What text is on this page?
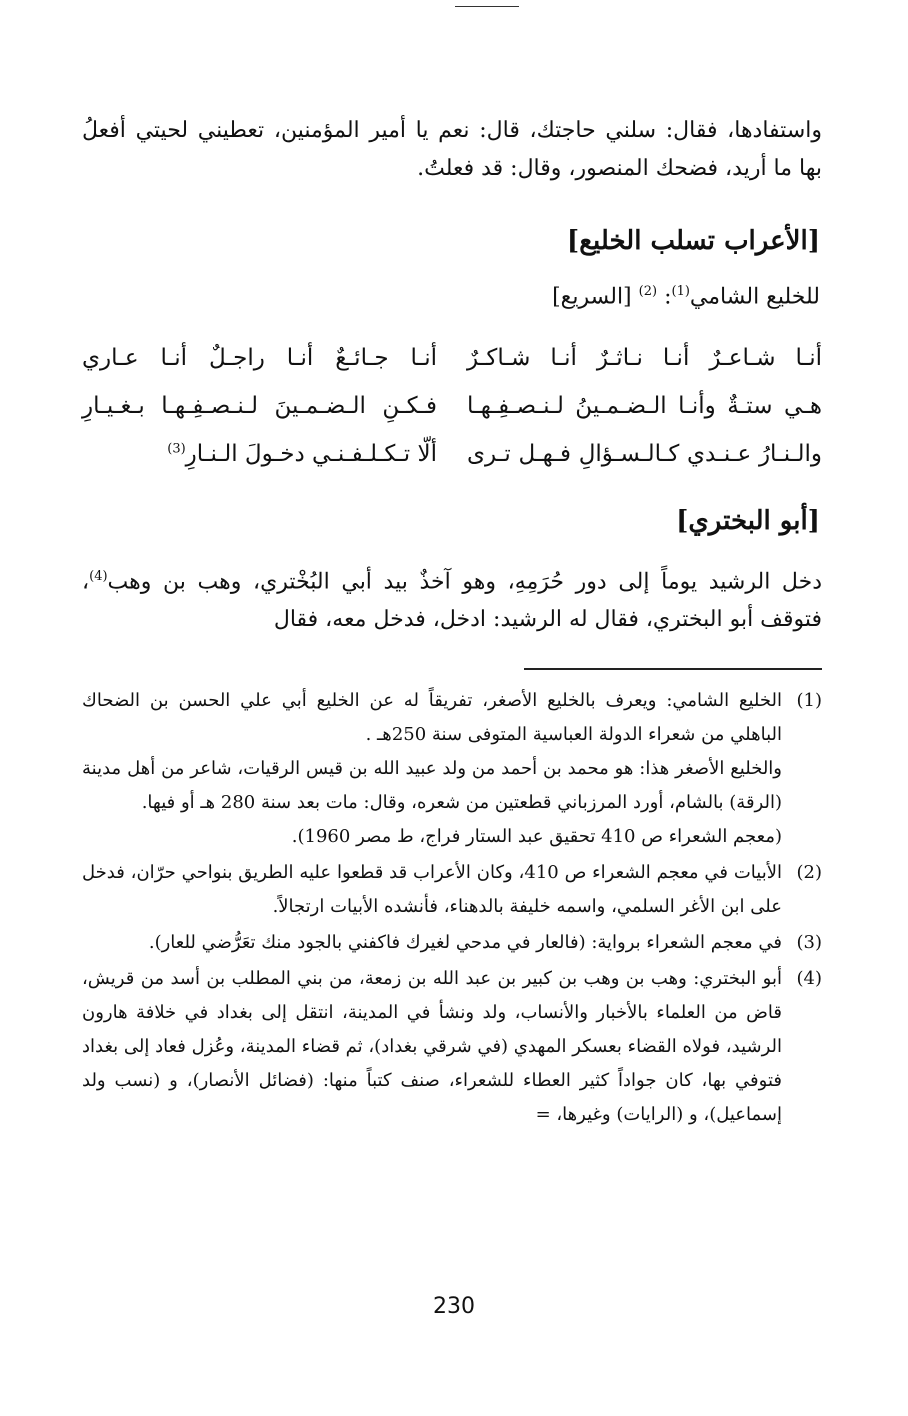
واستفادها، فقال: سلني حاجتك، قال: نعم يا أمير المؤمنين، تعطيني لحيتي أفعلُ بها ما أريد، فضحك المنصور، وقال: قد فعلتُ.

[الأعراب تسلب الخليع]
للخليع الشامي$^{(1)}$: $^{(2)}$ [السريع]
أنـا شـاعـرٌ أنـا نـاثـرٌ أنـا شـاكـرٌ
أنـا جـائـعٌ أنـا راجـلٌ أنـا عـاري
هـي ستـةٌ وأنـا الـضـمـينُ لـنـصـفِـهـا
فـكـنِ الـضـمـينَ لـنـصـفِـهـا بـغـيـارِ
والـنـارُ عـنـدي كـالـسـؤالِ فـهـل تـرى
ألّا تـكـلـفـنـي دخـولَ الـنـارِ$^{(3)}$
[أبو البختري]

دخل الرشيد يوماً إلى دور حُرَمِهِ، وهو آخذٌ بيد أبي البُخْتري، وهب بن وهب$^{(4)}$، فتوقف أبو البختري، فقال له الرشيد: ادخل، فدخل معه، فقال

(1)

الخليع الشامي: ويعرف بالخليع الأصغر، تفريقاً له عن الخليع أبي علي الحسن بن الضحاك الباهلي من شعراء الدولة العباسية المتوفى سنة 250هـ .

والخليع الأصغر هذا: هو محمد بن أحمد من ولد عبيد الله بن قيس الرقيات، شاعر من أهل مدينة (الرقة) بالشام، أورد المرزباني قطعتين من شعره، وقال: مات بعد سنة 280 هـ أو فيها.

(معجم الشعراء ص 410 تحقيق عبد الستار فراج، ط مصر 1960).

(2)

الأبيات في معجم الشعراء ص 410، وكان الأعراب قد قطعوا عليه الطريق بنواحي حرّان، فدخل على ابن الأغر السلمي، واسمه خليفة بالدهناء، فأنشده الأبيات ارتجالاً.

(3)

في معجم الشعراء برواية: (فالعار في مدحي لغيرك فاكفني بالجود منك تعَرُّضي للعار).

(4)

أبو البختري: وهب بن وهب بن كبير بن عبد الله بن زمعة، من بني المطلب بن أسد من قريش، قاض من العلماء بالأخبار والأنساب، ولد ونشأ في المدينة، انتقل إلى بغداد في خلافة هارون الرشيد، فولاه القضاء بعسكر المهدي (في شرقي بغداد)، ثم قضاء المدينة، وعُزل فعاد إلى بغداد فتوفي بها، كان جواداً كثير العطاء للشعراء، صنف كتباً منها: (فضائل الأنصار)، و (نسب ولد إسماعيل)، و (الرايات) وغيرها، =

230
